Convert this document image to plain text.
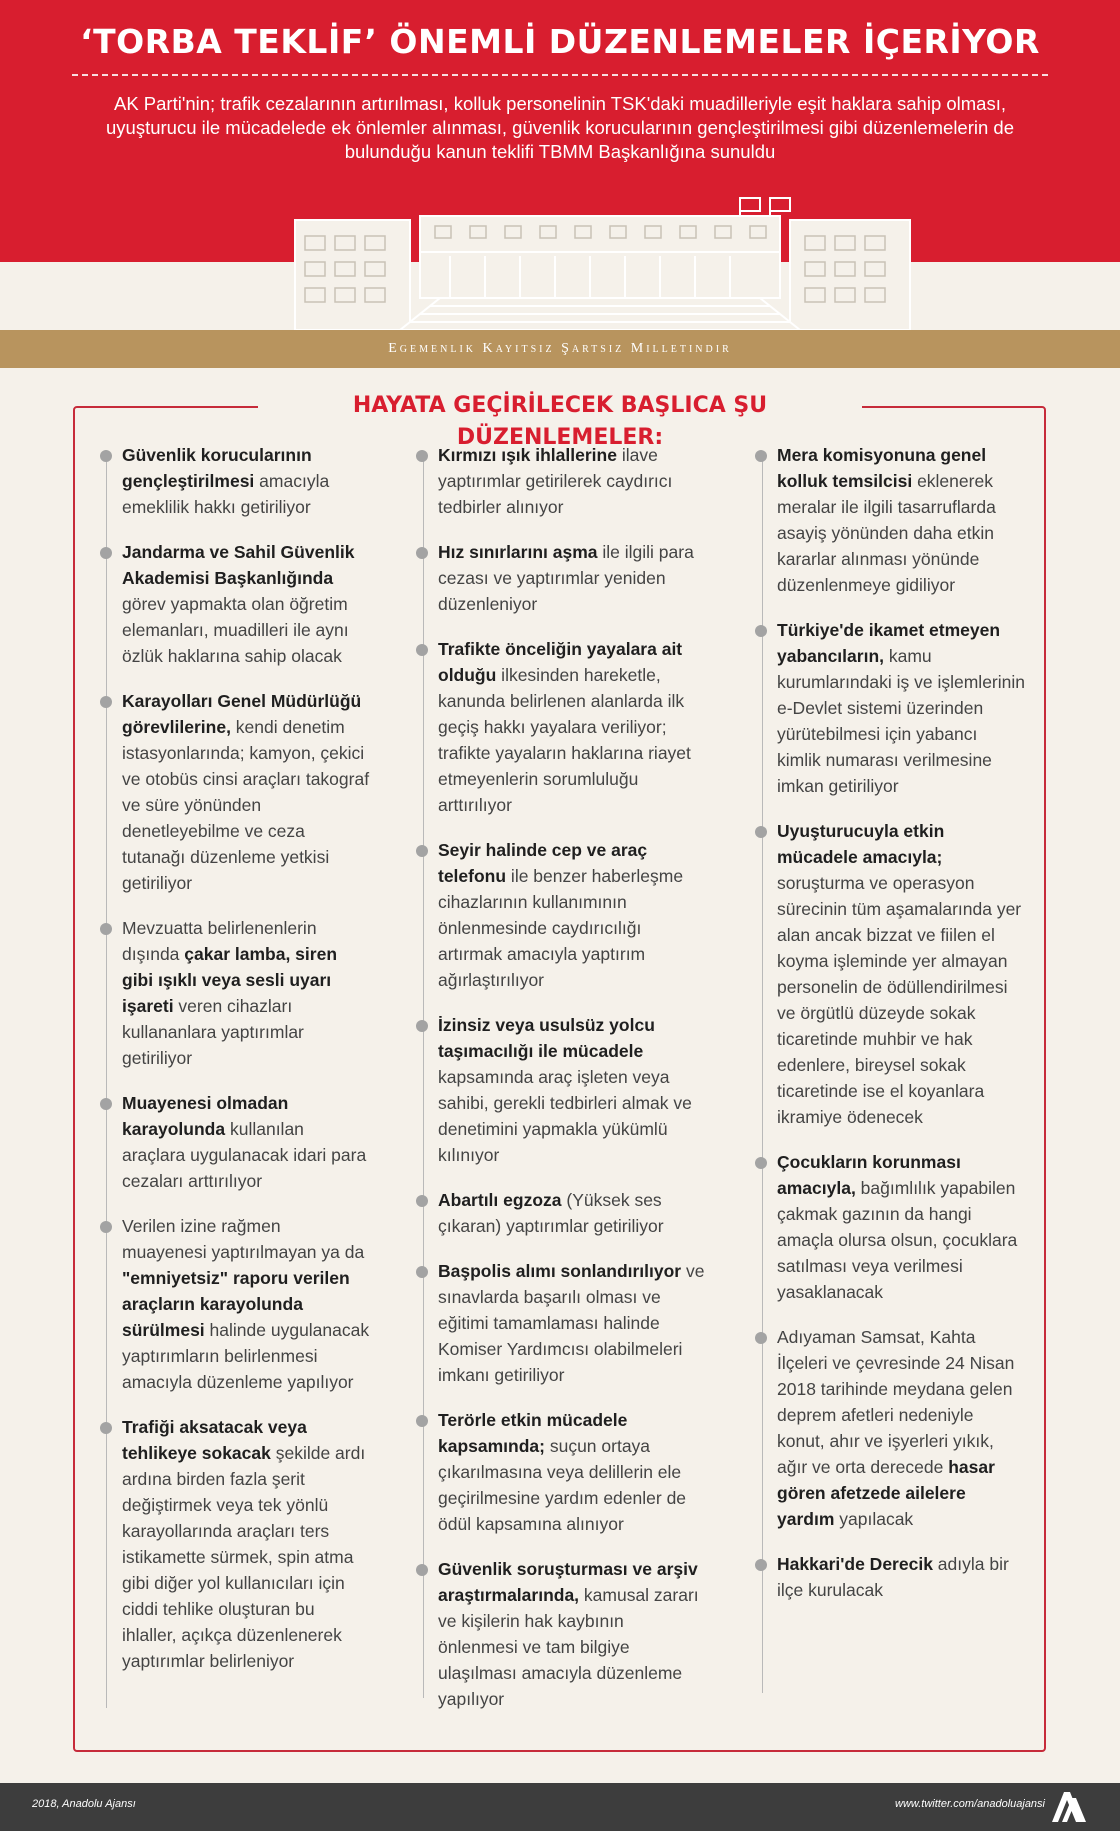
‘TORBA TEKLİF’ ÖNEMLİ DÜZENLEMELER İÇERİYOR
AK Parti'nin; trafik cezalarının artırılması, kolluk personelinin TSK'daki muadilleriyle eşit haklara sahip olması, uyuşturucu ile mücadelede ek önlemler alınması, güvenlik korucularının gençleştirilmesi gibi düzenlemelerin de bulunduğu kanun teklifi TBMM Başkanlığına sunuldu
Egemenlik Kayıtsız Şartsız Milletindir
HAYATA GEÇİRİLECEK BAŞLICA ŞU DÜZENLEMELER:
Güvenlik korucularının gençleştirilmesi amacıyla emeklilik hakkı getiriliyor
Jandarma ve Sahil Güvenlik Akademisi Başkanlığında görev yapmakta olan öğretim elemanları, muadilleri ile aynı özlük haklarına sahip olacak
Karayolları Genel Müdürlüğü görevlilerine, kendi denetim istasyonlarında; kamyon, çekici ve otobüs cinsi araçları takograf ve süre yönünden denetleyebilme ve ceza tutanağı düzenleme yetkisi getiriliyor
Mevzuatta belirlenenlerin dışında çakar lamba, siren gibi ışıklı veya sesli uyarı işareti veren cihazları kullananlara yaptırımlar getiriliyor
Muayenesi olmadan karayolunda kullanılan araçlara uygulanacak idari para cezaları arttırılıyor
Verilen izine rağmen muayenesi yaptırılmayan ya da "emniyetsiz" raporu verilen araçların karayolunda sürülmesi halinde uygulanacak yaptırımların belirlenmesi amacıyla düzenleme yapılıyor
Trafiği aksatacak veya tehlikeye sokacak şekilde ardı ardına birden fazla şerit değiştirmek veya tek yönlü karayollarında araçları ters istikamette sürmek, spin atma gibi diğer yol kullanıcıları için ciddi tehlike oluşturan bu ihlaller, açıkça düzenlenerek yaptırımlar belirleniyor
Kırmızı ışık ihlallerine ilave yaptırımlar getirilerek caydırıcı tedbirler alınıyor
Hız sınırlarını aşma ile ilgili para cezası ve yaptırımlar yeniden düzenleniyor
Trafikte önceliğin yayalara ait olduğu ilkesinden hareketle, kanunda belirlenen alanlarda ilk geçiş hakkı yayalara veriliyor; trafikte yayaların haklarına riayet etmeyenlerin sorumluluğu arttırılıyor
Seyir halinde cep ve araç telefonu ile benzer haberleşme cihazlarının kullanımının önlenmesinde caydırıcılığı artırmak amacıyla yaptırım ağırlaştırılıyor
İzinsiz veya usulsüz yolcu taşımacılığı ile mücadele kapsamında araç işleten veya sahibi, gerekli tedbirleri almak ve denetimini yapmakla yükümlü kılınıyor
Abartılı egzoza (Yüksek ses çıkaran) yaptırımlar getiriliyor
Başpolis alımı sonlandırılıyor ve sınavlarda başarılı olması ve eğitimi tamamlaması halinde Komiser Yardımcısı olabilmeleri imkanı getiriliyor
Terörle etkin mücadele kapsamında; suçun ortaya çıkarılmasına veya delillerin ele geçirilmesine yardım edenler de ödül kapsamına alınıyor
Güvenlik soruşturması ve arşiv araştırmalarında, kamusal zararı ve kişilerin hak kaybının önlenmesi ve tam bilgiye ulaşılması amacıyla düzenleme yapılıyor
Mera komisyonuna genel kolluk temsilcisi eklenerek meralar ile ilgili tasarruflarda asayiş yönünden daha etkin kararlar alınması yönünde düzenlenmeye gidiliyor
Türkiye'de ikamet etmeyen yabancıların, kamu kurumlarındaki iş ve işlemlerinin e-Devlet sistemi üzerinden yürütebilmesi için yabancı kimlik numarası verilmesine imkan getiriliyor
Uyuşturucuyla etkin mücadele amacıyla; soruşturma ve operasyon sürecinin tüm aşamalarında yer alan ancak bizzat ve fiilen el koyma işleminde yer almayan personelin de ödüllendirilmesi ve örgütlü düzeyde sokak ticaretinde muhbir ve hak edenlere, bireysel sokak ticaretinde ise el koyanlara ikramiye ödenecek
Çocukların korunması amacıyla, bağımlılık yapabilen çakmak gazının da hangi amaçla olursa olsun, çocuklara satılması veya verilmesi yasaklanacak
Adıyaman Samsat, Kahta İlçeleri ve çevresinde 24 Nisan 2018 tarihinde meydana gelen deprem afetleri nedeniyle konut, ahır ve işyerleri yıkık, ağır ve orta derecede hasar gören afetzede ailelere yardım yapılacak
Hakkari'de Derecik adıyla bir ilçe kurulacak
2018, Anadolu Ajansı	www.twitter.com/anadoluajansi
